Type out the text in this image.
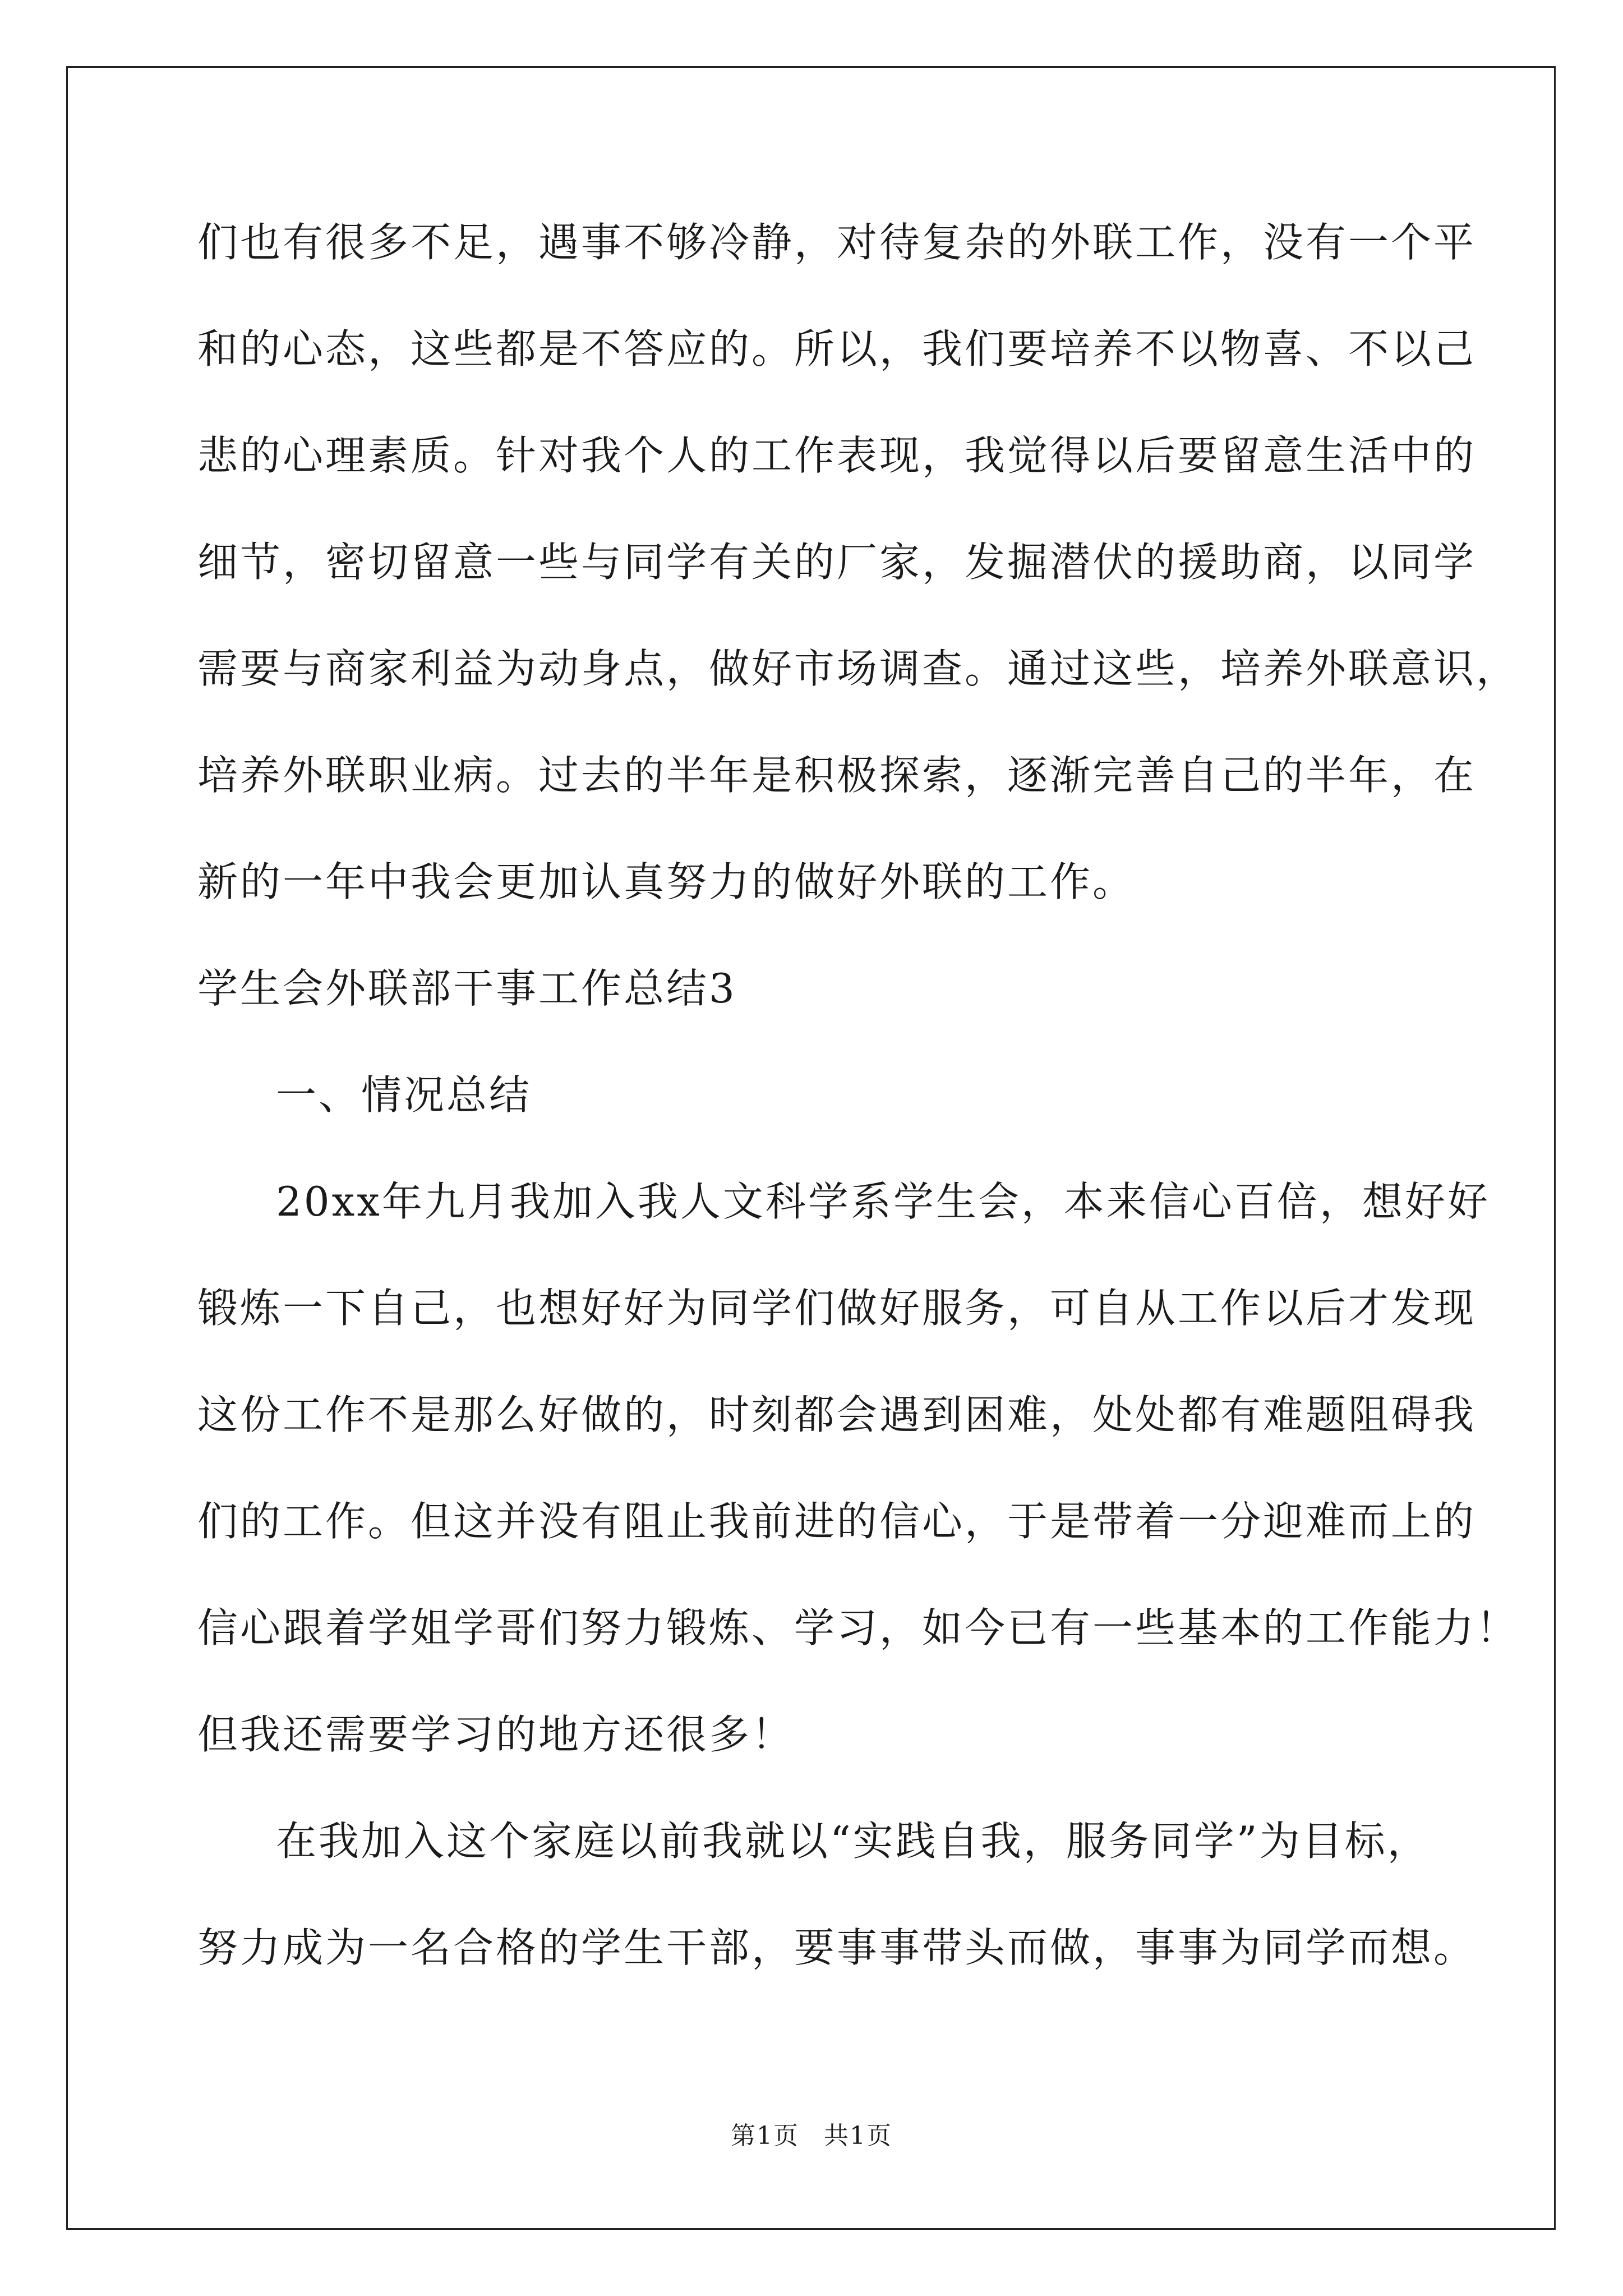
们也有很多不足，遇事不够冷静，对待复杂的外联工作，没有一个平
和的心态，这些都是不答应的。所以，我们要培养不以物喜、不以己
悲的心理素质。针对我个人的工作表现，我觉得以后要留意生活中的
细节，密切留意一些与同学有关的厂家，发掘潜伏的援助商，以同学
需要与商家利益为动身点，做好市场调查。通过这些，培养外联意识，
培养外联职业病。过去的半年是积极探索，逐渐完善自己的半年，在
新的一年中我会更加认真努力的做好外联的工作。
学生会外联部干事工作总结3
一、情况总结
20xx年九月我加入我人文科学系学生会，本来信心百倍，想好好
锻炼一下自己，也想好好为同学们做好服务，可自从工作以后才发现
这份工作不是那么好做的，时刻都会遇到困难，处处都有难题阻碍我
们的工作。但这并没有阻止我前进的信心，于是带着一分迎难而上的
信心跟着学姐学哥们努力锻炼、学习，如今已有一些基本的工作能力！
但我还需要学习的地方还很多！
在我加入这个家庭以前我就以“实践自我，服务同学”为目标，
努力成为一名合格的学生干部，要事事带头而做，事事为同学而想。
第1页 共1页
